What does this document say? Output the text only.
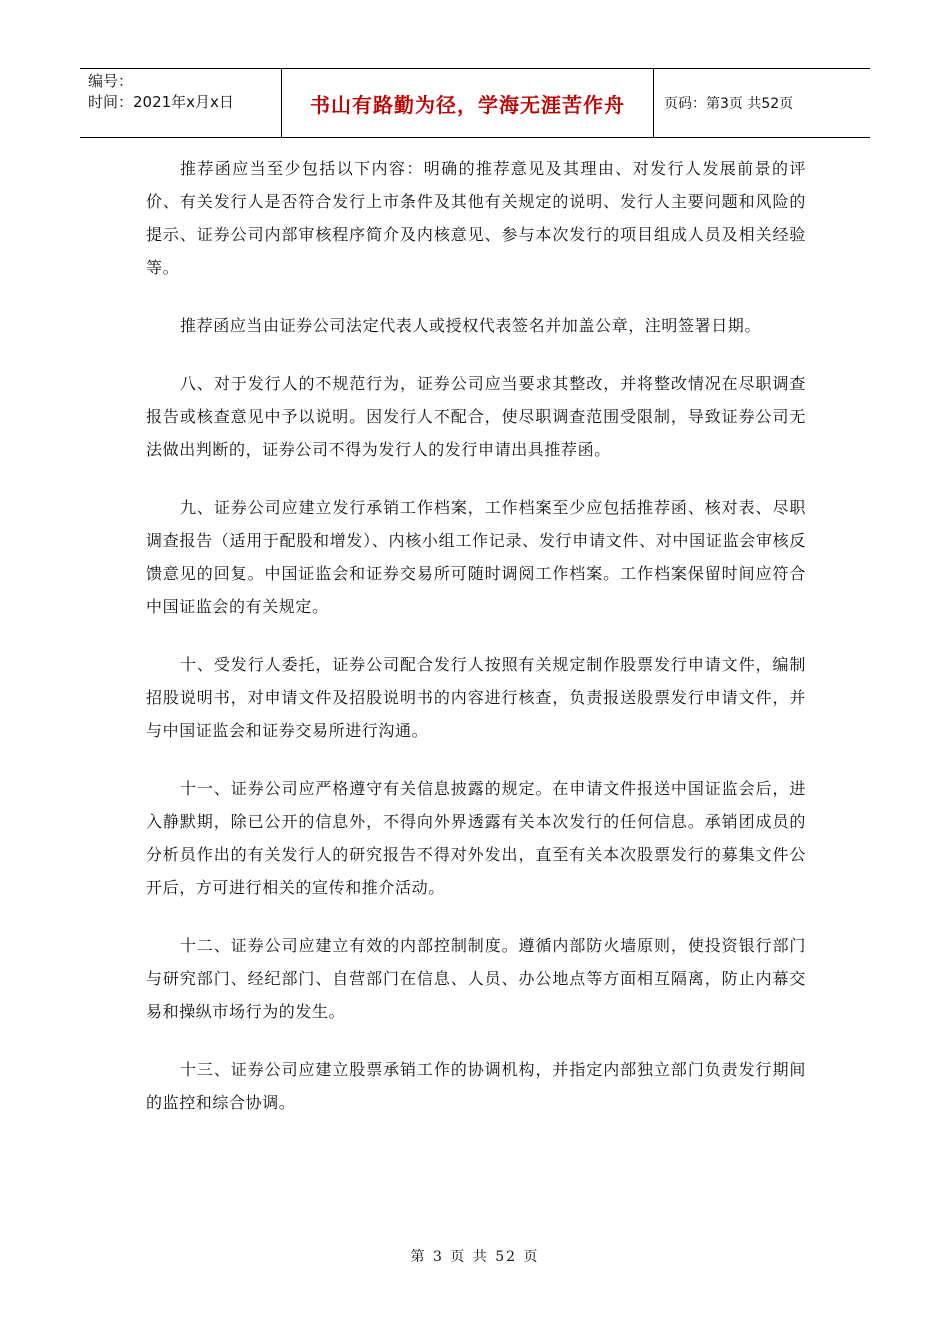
编号：
时间：2021年x月x日	书山有路勤为径，学海无涯苦作舟	页码：第3页 共52页

推荐函应当至少包括以下内容：明确的推荐意见及其理由、对发行人发展前景的评价、有关发行人是否符合发行上市条件及其他有关规定的说明、发行人主要问题和风险的提示、证券公司内部审核程序简介及内核意见、参与本次发行的项目组成人员及相关经验等。

推荐函应当由证券公司法定代表人或授权代表签名并加盖公章，注明签署日期。

八、对于发行人的不规范行为，证券公司应当要求其整改，并将整改情况在尽职调查报告或核查意见中予以说明。因发行人不配合，使尽职调查范围受限制，导致证券公司无法做出判断的，证券公司不得为发行人的发行申请出具推荐函。

九、证券公司应建立发行承销工作档案，工作档案至少应包括推荐函、核对表、尽职调查报告（适用于配股和增发）、内核小组工作记录、发行申请文件、对中国证监会审核反馈意见的回复。中国证监会和证券交易所可随时调阅工作档案。工作档案保留时间应符合中国证监会的有关规定。

十、受发行人委托，证券公司配合发行人按照有关规定制作股票发行申请文件，编制招股说明书，对申请文件及招股说明书的内容进行核查，负责报送股票发行申请文件，并与中国证监会和证券交易所进行沟通。

十一、证券公司应严格遵守有关信息披露的规定。在申请文件报送中国证监会后，进入静默期，除已公开的信息外，不得向外界透露有关本次发行的任何信息。承销团成员的分析员作出的有关发行人的研究报告不得对外发出，直至有关本次股票发行的募集文件公开后，方可进行相关的宣传和推介活动。

十二、证券公司应建立有效的内部控制制度。遵循内部防火墙原则，使投资银行部门与研究部门、经纪部门、自营部门在信息、人员、办公地点等方面相互隔离，防止内幕交易和操纵市场行为的发生。

十三、证券公司应建立股票承销工作的协调机构，并指定内部独立部门负责发行期间的监控和综合协调。

第 3 页 共 52 页
